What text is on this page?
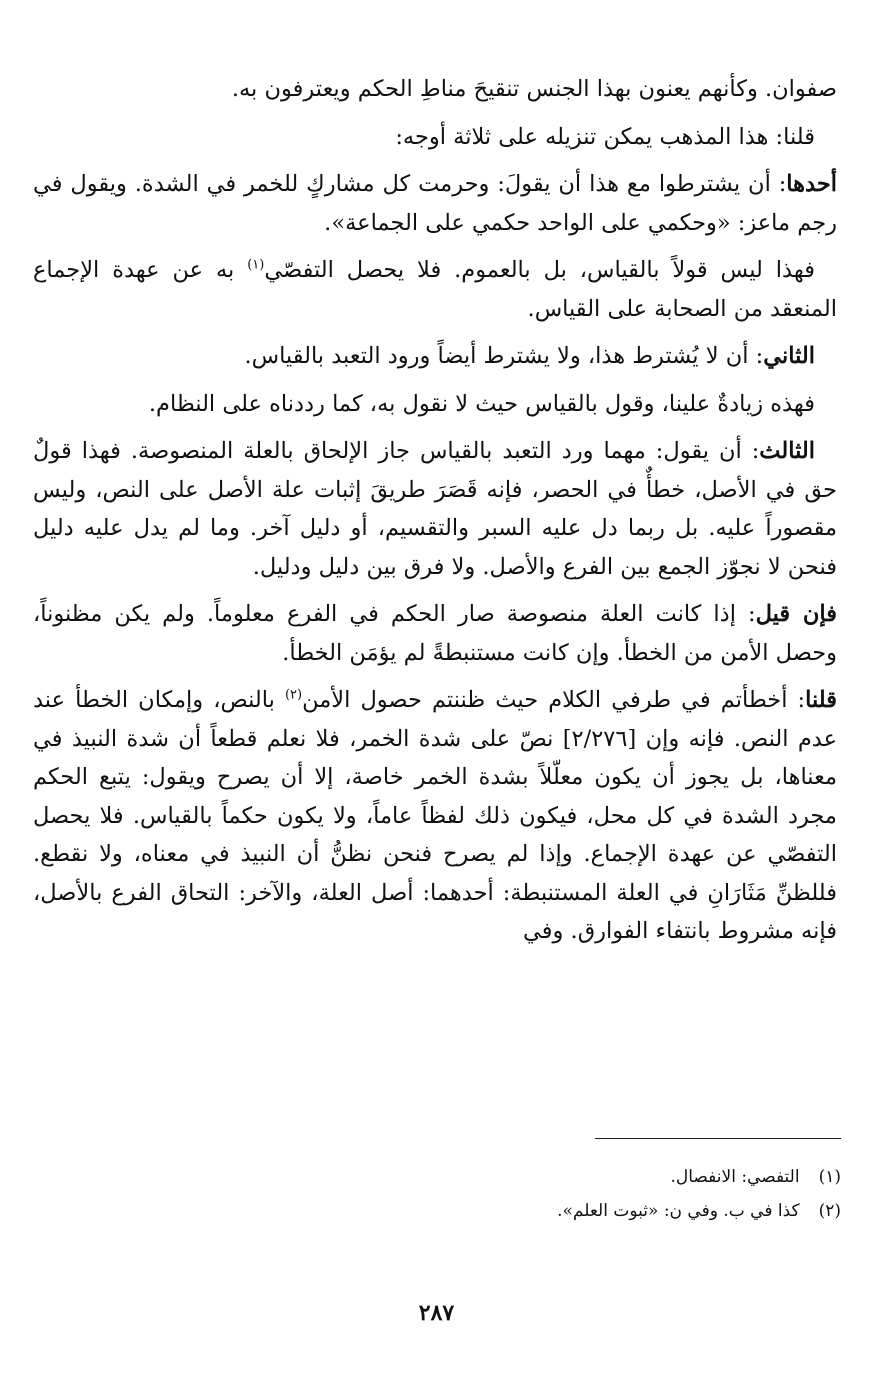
صفوان. وكأنهم يعنون بهذا الجنس تنقيحَ مناطِ الحكم ويعترفون به.

قلنا: هذا المذهب يمكن تنزيله على ثلاثة أوجه:

أحدها: أن يشترطوا مع هذا أن يقولَ: وحرمت كل مشاركٍ للخمر في الشدة. ويقول في رجم ماعز: «وحكمي على الواحد حكمي على الجماعة».

فهذا ليس قولاً بالقياس، بل بالعموم. فلا يحصل التفصّي$^{(١)}$ به عن عهدة الإجماع المنعقد من الصحابة على القياس.

الثاني: أن لا يُشترط هذا، ولا يشترط أيضاً ورود التعبد بالقياس.

فهذه زيادةٌ علينا، وقول بالقياس حيث لا نقول به، كما رددناه على النظام.

الثالث: أن يقول: مهما ورد التعبد بالقياس جاز الإلحاق بالعلة المنصوصة. فهذا قولٌ حق في الأصل، خطأٌ في الحصر، فإنه قَصَرَ طريقَ إثبات علة الأصل على النص، وليس مقصوراً عليه. بل ربما دل عليه السبر والتقسيم، أو دليل آخر. وما لم يدل عليه دليل فنحن لا نجوّز الجمع بين الفرع والأصل. ولا فرق بين دليل ودليل.

فإن قيل: إذا كانت العلة منصوصة صار الحكم في الفرع معلوماً. ولم يكن مظنوناً، وحصل الأمن من الخطأ. وإن كانت مستنبطةً لم يؤمَن الخطأ.

قلنا: أخطأتم في طرفي الكلام حيث ظننتم حصول الأمن$^{(٢)}$ بالنص، وإمكان الخطأ عند عدم النص. فإنه وإن [٢/٢٧٦] نصّ على شدة الخمر، فلا نعلم قطعاً أن شدة النبيذ في معناها، بل يجوز أن يكون معلّلاً بشدة الخمر خاصة، إلا أن يصرح ويقول: يتبع الحكم مجرد الشدة في كل محل، فيكون ذلك لفظاً عاماً، ولا يكون حكماً بالقياس. فلا يحصل التفصّي عن عهدة الإجماع. وإذا لم يصرح فنحن نظنُّ أن النبيذ في معناه، ولا نقطع. فللظنِّ مَثَارَانِ في العلة المستنبطة: أحدهما: أصل العلة، والآخر: التحاق الفرع بالأصل، فإنه مشروط بانتفاء الفوارق. وفي

(١) التفصي: الانفصال.

(٢) كذا في ب. وفي ن: «ثبوت العلم».

٢٨٧
